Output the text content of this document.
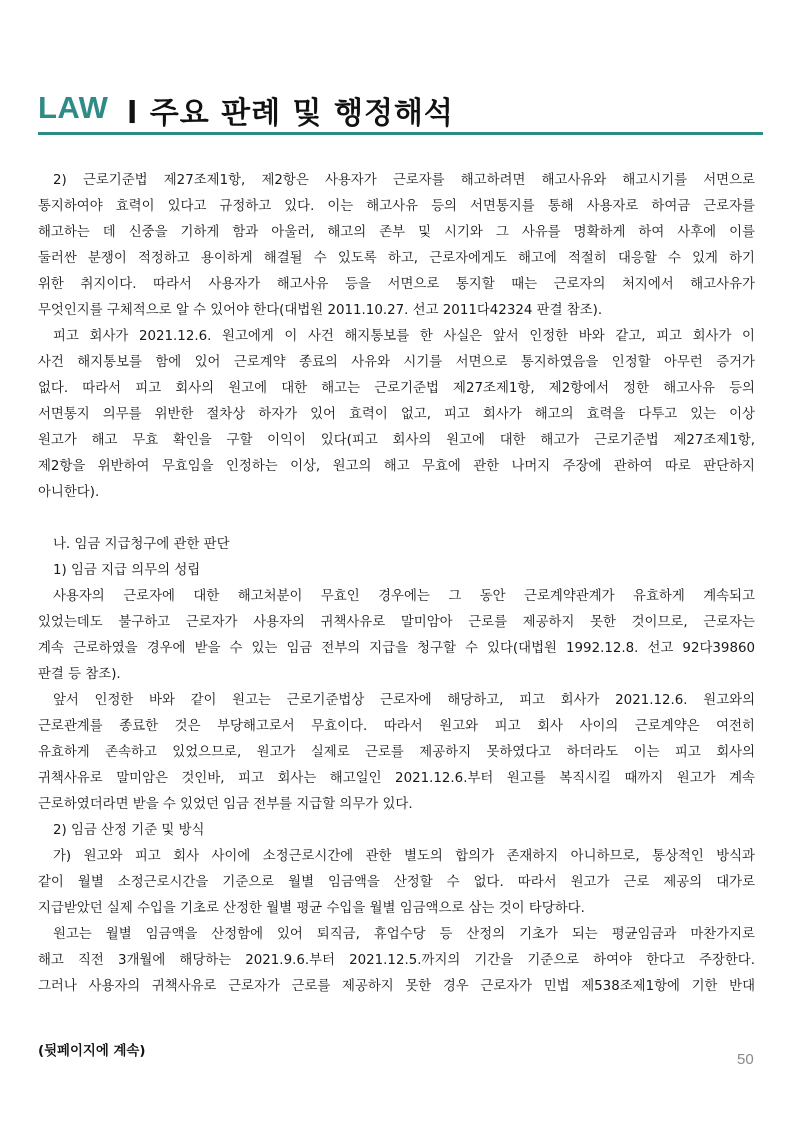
LAW l 주요 판례 및 행정해석
2) 근로기준법 제27조제1항, 제2항은 사용자가 근로자를 해고하려면 해고사유와 해고시기를 서면으로
통지하여야 효력이 있다고 규정하고 있다. 이는 해고사유 등의 서면통지를 통해 사용자로 하여금 근로자를
해고하는 데 신중을 기하게 함과 아울러, 해고의 존부 및 시기와 그 사유를 명확하게 하여 사후에 이를
둘러싼 분쟁이 적정하고 용이하게 해결될 수 있도록 하고, 근로자에게도 해고에 적절히 대응할 수 있게 하기
위한 취지이다. 따라서 사용자가 해고사유 등을 서면으로 통지할 때는 근로자의 처지에서 해고사유가
무엇인지를 구체적으로 알 수 있어야 한다(대법원 2011.10.27. 선고 2011다42324 판결 참조).
피고 회사가 2021.12.6. 원고에게 이 사건 해지통보를 한 사실은 앞서 인정한 바와 같고, 피고 회사가 이
사건 해지통보를 함에 있어 근로계약 종료의 사유와 시기를 서면으로 통지하였음을 인정할 아무런 증거가
없다. 따라서 피고 회사의 원고에 대한 해고는 근로기준법 제27조제1항, 제2항에서 정한 해고사유 등의
서면통지 의무를 위반한 절차상 하자가 있어 효력이 없고, 피고 회사가 해고의 효력을 다투고 있는 이상
원고가 해고 무효 확인을 구할 이익이 있다(피고 회사의 원고에 대한 해고가 근로기준법 제27조제1항,
제2항을 위반하여 무효임을 인정하는 이상, 원고의 해고 무효에 관한 나머지 주장에 관하여 따로 판단하지
아니한다).
나. 임금 지급청구에 관한 판단
1) 임금 지급 의무의 성립
사용자의 근로자에 대한 해고처분이 무효인 경우에는 그 동안 근로계약관계가 유효하게 계속되고
있었는데도 불구하고 근로자가 사용자의 귀책사유로 말미암아 근로를 제공하지 못한 것이므로, 근로자는
계속 근로하였을 경우에 받을 수 있는 임금 전부의 지급을 청구할 수 있다(대법원 1992.12.8. 선고 92다39860
판결 등 참조).
앞서 인정한 바와 같이 원고는 근로기준법상 근로자에 해당하고, 피고 회사가 2021.12.6. 원고와의
근로관계를 종료한 것은 부당해고로서 무효이다. 따라서 원고와 피고 회사 사이의 근로계약은 여전히
유효하게 존속하고 있었으므로, 원고가 실제로 근로를 제공하지 못하였다고 하더라도 이는 피고 회사의
귀책사유로 말미암은 것인바, 피고 회사는 해고일인 2021.12.6.부터 원고를 복직시킬 때까지 원고가 계속
근로하였더라면 받을 수 있었던 임금 전부를 지급할 의무가 있다.
2) 임금 산정 기준 및 방식
가) 원고와 피고 회사 사이에 소정근로시간에 관한 별도의 합의가 존재하지 아니하므로, 통상적인 방식과
같이 월별 소정근로시간을 기준으로 월별 임금액을 산정할 수 없다. 따라서 원고가 근로 제공의 대가로
지급받았던 실제 수입을 기초로 산정한 월별 평균 수입을 월별 임금액으로 삼는 것이 타당하다.
원고는 월별 임금액을 산정함에 있어 퇴직금, 휴업수당 등 산정의 기초가 되는 평균임금과 마찬가지로
해고 직전 3개월에 해당하는 2021.9.6.부터 2021.12.5.까지의 기간을 기준으로 하여야 한다고 주장한다.
그러나 사용자의 귀책사유로 근로자가 근로를 제공하지 못한 경우 근로자가 민법 제538조제1항에 기한 반대
(뒷페이지에 계속)	50
